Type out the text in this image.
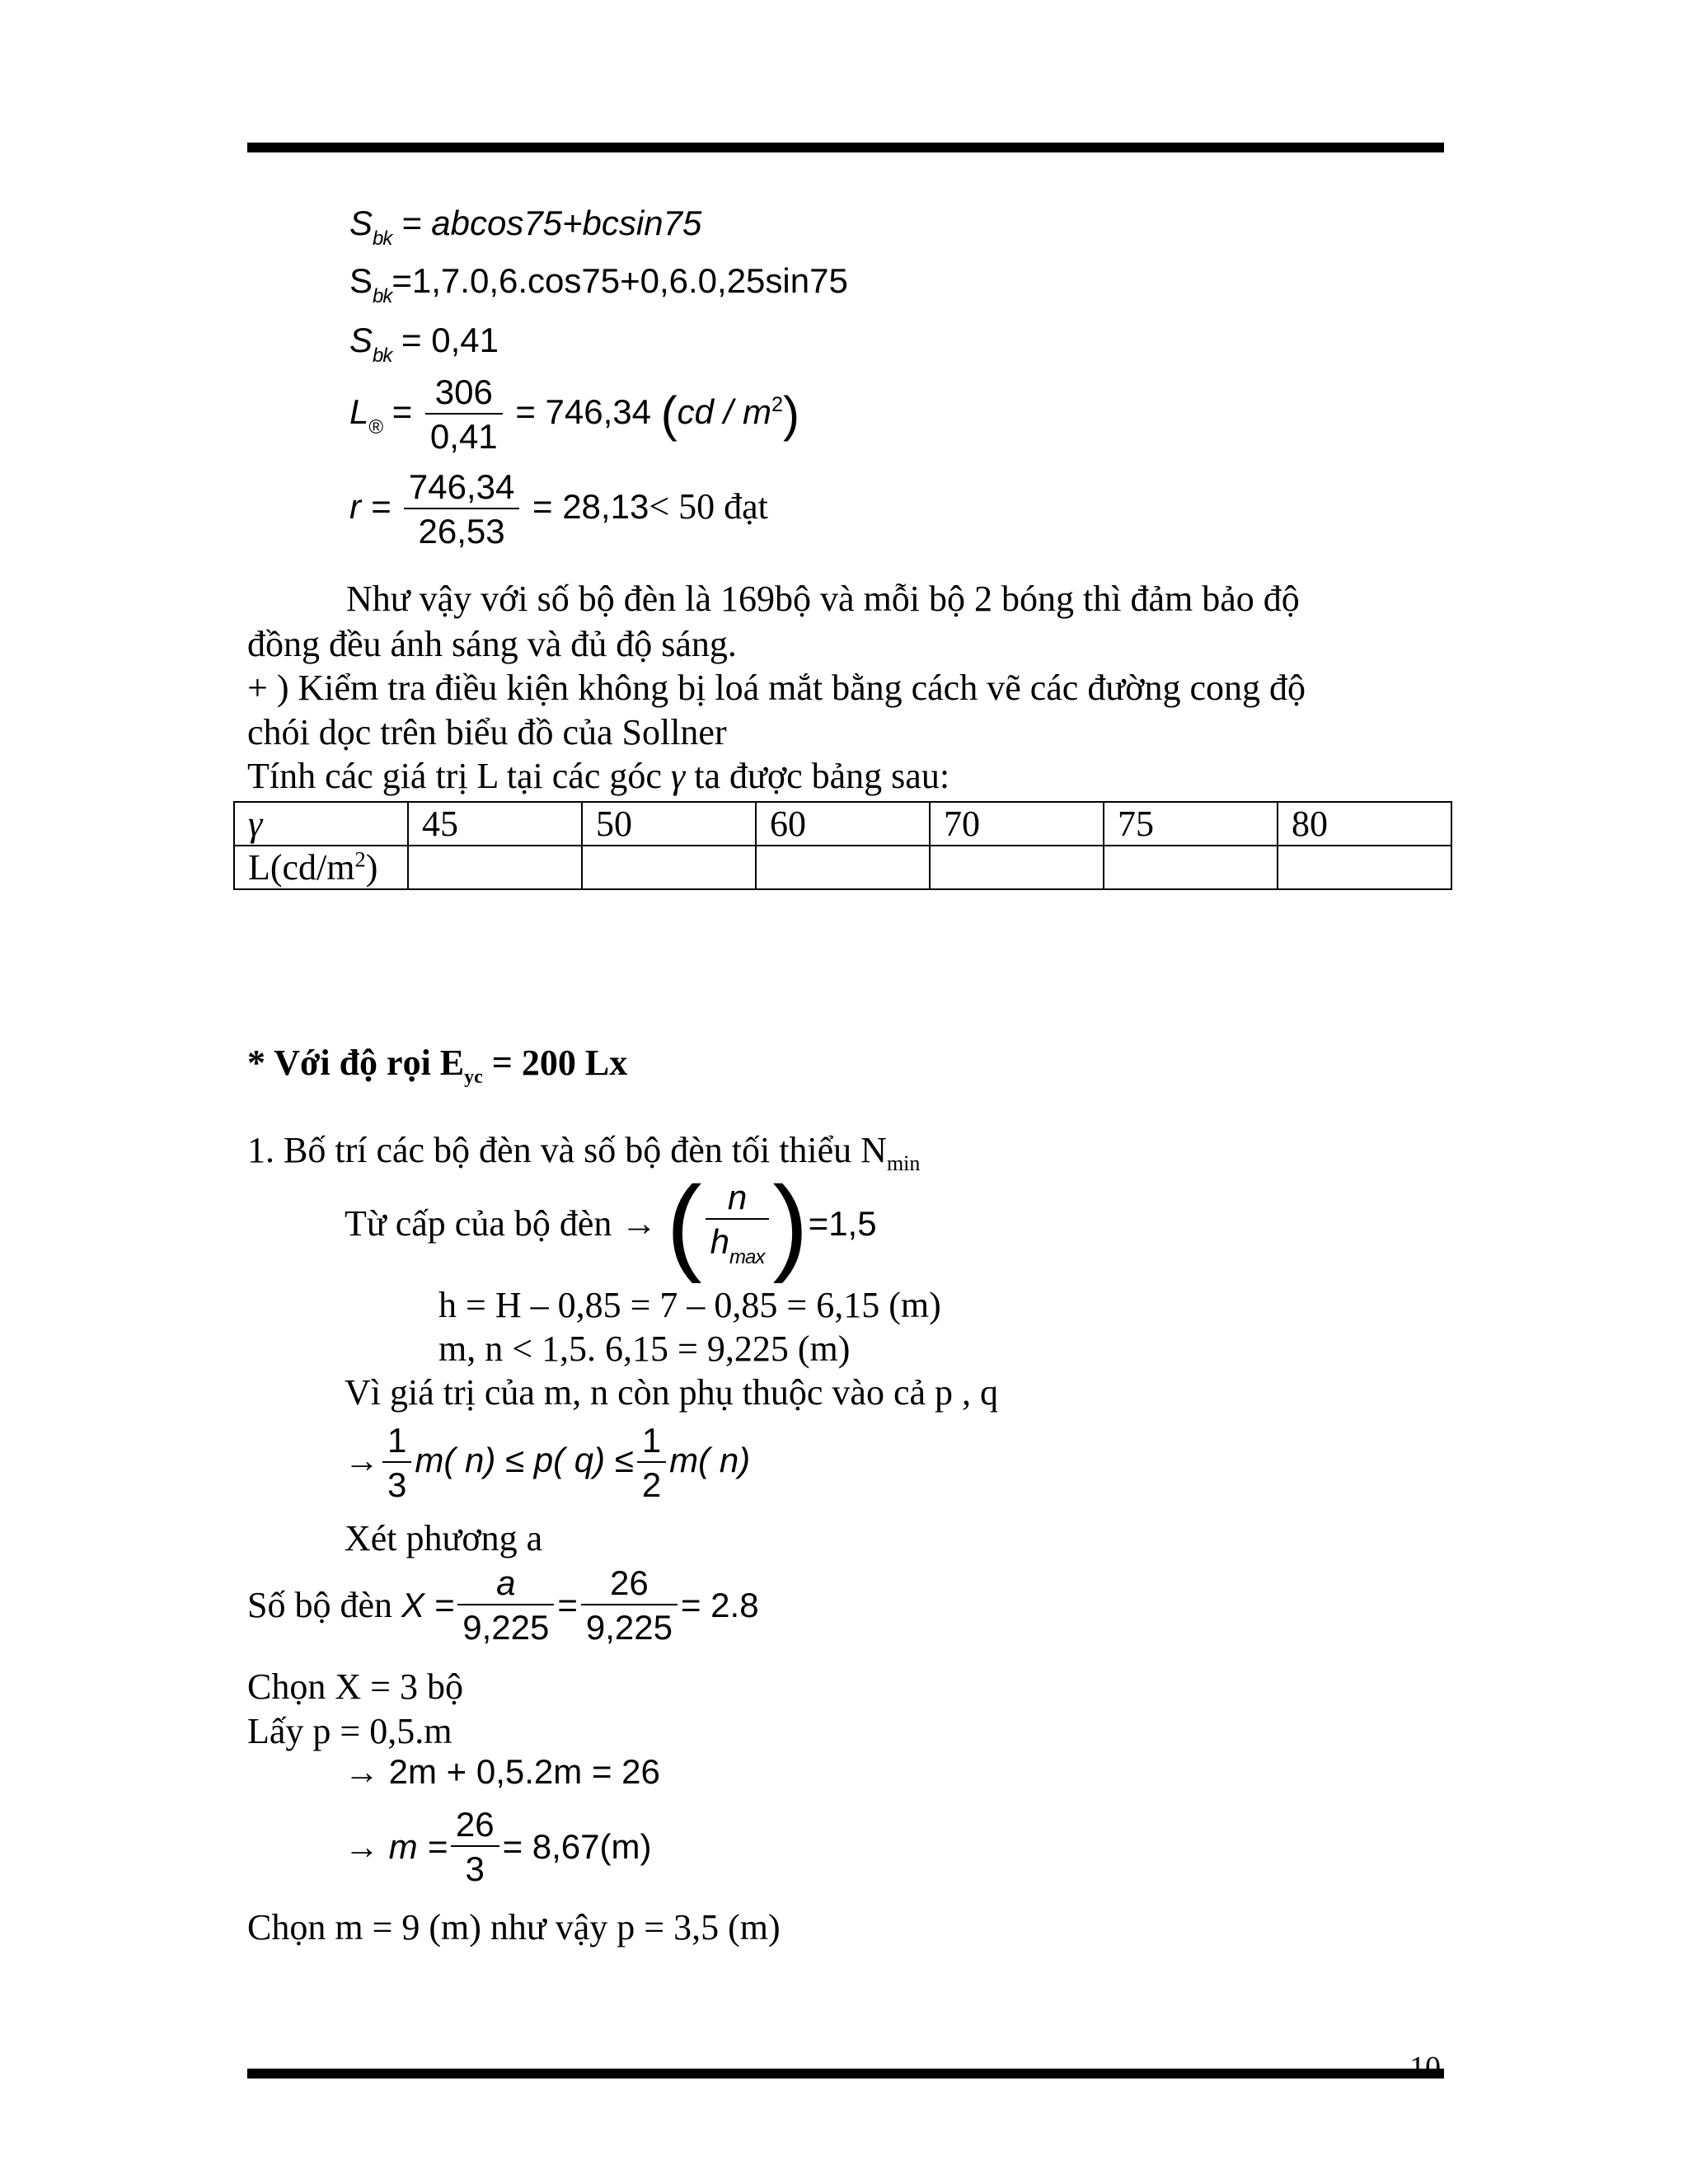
$S_{bk} = abcos75+bcsin75$
$S_{bk}=1,7.0,6.\cos 75+0,6.0,25\sin 75$
$S_{bk} = 0,41$
$L_® = \frac{306}{0,41} = 746,34$ $(cd / m^2)$
$r = \frac{746,34}{26,53} = 28,13< 50$ đạt
Như vậy với số bộ đèn là 169bộ và mỗi bộ 2 bóng thì đảm bảo độ
đồng đều ánh sáng và đủ độ sáng.
+ ) Kiểm tra điều kiện không bị loá mắt bằng cách vẽ các đường cong độ
chói dọc trên biểu đồ của Sollner
Tính các giá trị L tại các góc γ ta được bảng sau:
γ	45	50	60	70	75	80
$L(cd/m^2)$						
* Với độ rọi $E_{yc} = 200$ Lx
1. Bố trí các bộ đèn và số bộ đèn tối thiểu $N_{min}$
Từ cấp của bộ đèn → ( $\frac{n}{h_{max}} )=1,5$
h = H – 0,85 = 7 – 0,85 = 6,15 (m)
m, n < 1,5. 6,15 = 9,225 (m)
Vì giá trị của m, n còn phụ thuộc vào cả p , q
→ $\frac{1}{3} m$( n) ≤ p( $q) \le \frac{1}{2} m$( n)
Xét phương a
Số bộ đèn $X = \frac{a}{9,225} = \frac{26}{9,225} = 2.8$
Chọn X = 3 bộ
Lấy p = 0,5.m
→ 2m + 0,5.2m = 26
→ $m = \frac{26}{3} = 8,67(m)$
Chọn m = 9 (m) như vậy p = 3,5 (m)
10
